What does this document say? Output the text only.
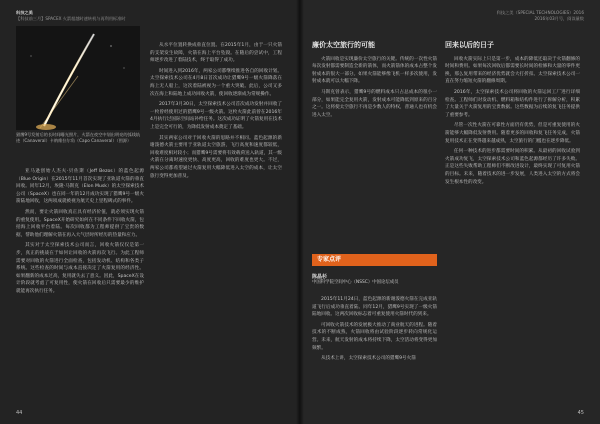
科技之美
【科技前三月】SPACEX 火箭超越时速转机与再利用标准时
猎鹰9号发射后的长时间曝光照片，火箭在夜空中划出明亮的弧线轨迹（Canaveral）卡纳维拉尔角（Capo Canaveral）（图源）

亚马逊创始人杰夫·贝佐斯（Jeff Bezos）的蓝色起源（Blue Origin）在2015年11月首次实现了亚轨道火箭的垂直回收。同年12月，埃隆·马斯克（Elon Musk）的太空探索技术公司（SpaceX）也在同一年的12月成功实现了猎鹰9号一级火箭陆地回收，这两项成就被视为航天史上里程碑式的事件。

然而，要让火箭回收真正具有经济价值，就必须实现火箭的重复使用。SpaceX开始研究如何在不同条件下回收火箭，包括海上回收平台着陆。每次回收都为工程师提供了宝贵的数据，帮助他们理解火箭在再入大气层时所经历的热量和应力。

其实对于太空探索技术公司而言，回收火箭仅仅是第一步，真正的挑战在于如何让回收的火箭再次飞行。为此工程师需要对回收的火箭进行全面检查，包括发动机、结构和各类子系统。这些检查的时间与成本直接决定了火箭复用的经济性。如果翻新的成本过高，复用就失去了意义。因此，SpaceX在设计阶段就考虑了可复用性，使火箭在回收后只需要最少的维护就能再次执行任务。

从水平位置转换成垂直位置。在2015年1月，由于一只火箭的支架发生故障，火箭在海上平台坠毁。在随后的尝试中，工程师逐步改进了着陆技术，终于取得了成功。

时间进入到2016年，两家公司都继续推进各自的回收计划。太空探索技术公司在4月8日首次成功让猎鹰9号一级火箭降落在海上无人船上，这次着陆被视为一个重大突破。此后，公司又多次在海上和陆地上成功回收火箭，使回收逐渐成为常规操作。

2017年3月30日，太空探索技术公司首次成功发射并回收了一枚曾经使用过的猎鹰9号一级火箭。这枚火箭此前曾在2016年4月执行过国际空间站补给任务。这次成功证明了火箭复用在技术上是完全可行的，为降低发射成本奠定了基础。

其实两家公司对于回收火箭的思路并不相同。蓝色起源的新谢泼德火箭主要用于亚轨道太空旅游，飞行高度和速度都较低，回收难度相对较小；而猎鹰9号需要将有效载荷送入轨道，其一级火箭在分离时速度更快、高度更高，回收的难度也更大。不过，两家公司都希望通过火箭复用大幅降低进入太空的成本，让太空旅行变得更加普及。

44
科技之美（SPECIAL TECHNOLOGIES）2016
2016年03月号，阅读量数
廉价太空旅行的可能

火箭回收是实现廉价太空旅行的关键。传统的一次性火箭每次发射都需要制造全新的箭体，而火箭箭体的成本占整个发射成本的很大一部分。如果火箭能够像飞机一样多次使用，发射成本就可以大幅下降。

马斯克曾表示，猎鹰9号的燃料成本只占总成本的很小一部分，如果能完全复用火箭，发射成本可能降低到原来的百分之一。这将使太空旅行不再是少数人的特权，普通人也有机会进入太空。

2015年11月24日，蓝色起源的新谢泼德火箭在完成亚轨道飞行后成功垂直着陆。同年12月，猎鹰9号实现了一级火箭陆地回收。这两次回收标志着可重复使用火箭时代的到来。

可回收火箭技术的发展极大推动了商业航天的进程。随着技术的不断成熟，火箭回收将由试验阶段逐步转向常规化运营。未来，航天发射的成本将持续下降，太空活动将变得更加频繁。

从技术上讲，太空探索技术公司的猎鹰9号火箭

回来以后的日子

回收火箭实际上只是第一步，成本的降低还取决于火箭翻修的时间和费用。如果每次回收后都需要长时间的检修和大量的零件更换，那么复用带来的经济优势就会大打折扣。太空探索技术公司一直在努力缩短火箭的翻修周期。

2016年，太空探索技术公司将回收的火箭运回工厂进行详细检查。工程师们对发动机、燃料箱和结构件进行了拆解分析，积累了大量关于火箭复用的宝贵数据。这些数据为后续的复飞任务提供了重要参考。

尽管一次性火箭在可靠性方面仍有优势，但是可重复使用的火箭能够大幅降低发射费用。随着更多的回收和复飞任务完成，火箭复用技术正在变得越来越成熟，太空旅行的门槛也在逐步降低。

任何一种技术的进步都需要时间的积累。从最初的回收试验到火箭成功复飞，太空探索技术公司和蓝色起源都经历了许多失败。正是这些失败帮助工程师们不断改进设计，最终实现了可复用火箭的目标。未来，随着技术的进一步发展，人类进入太空的方式将会发生根本性的改变。

45
专家点评
陈晶杉
中国科学院空间中心（NSSC）中国论坛成员
